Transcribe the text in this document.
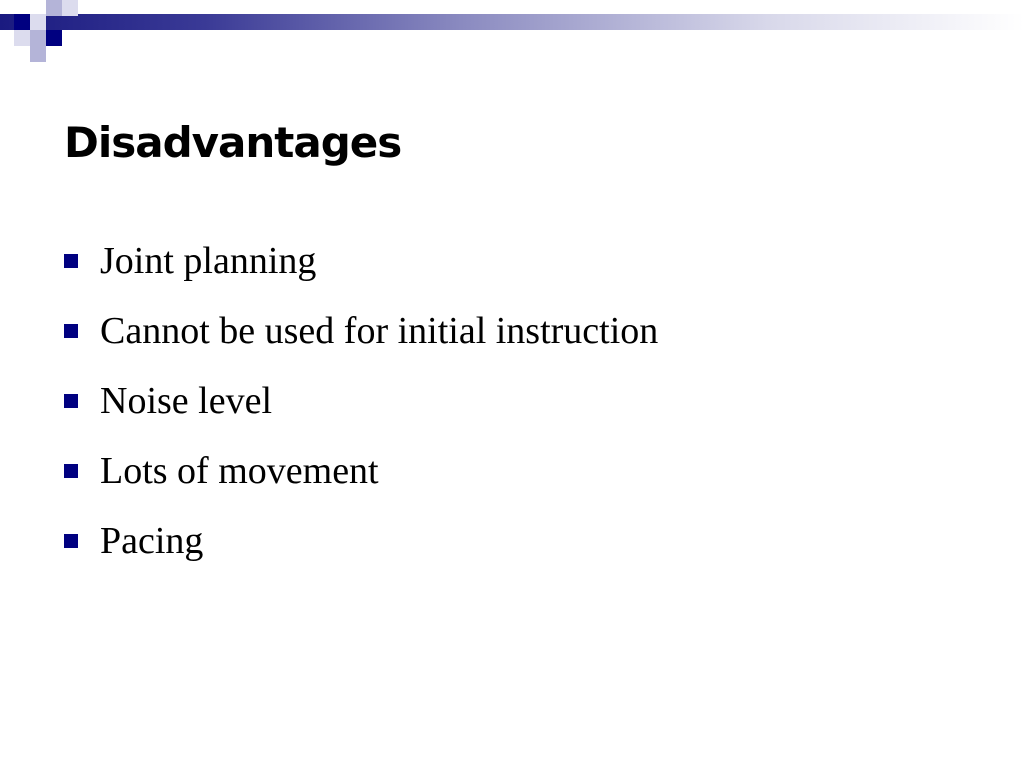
Disadvantages
Joint planning
Cannot be used for initial instruction
Noise level
Lots of movement
Pacing
